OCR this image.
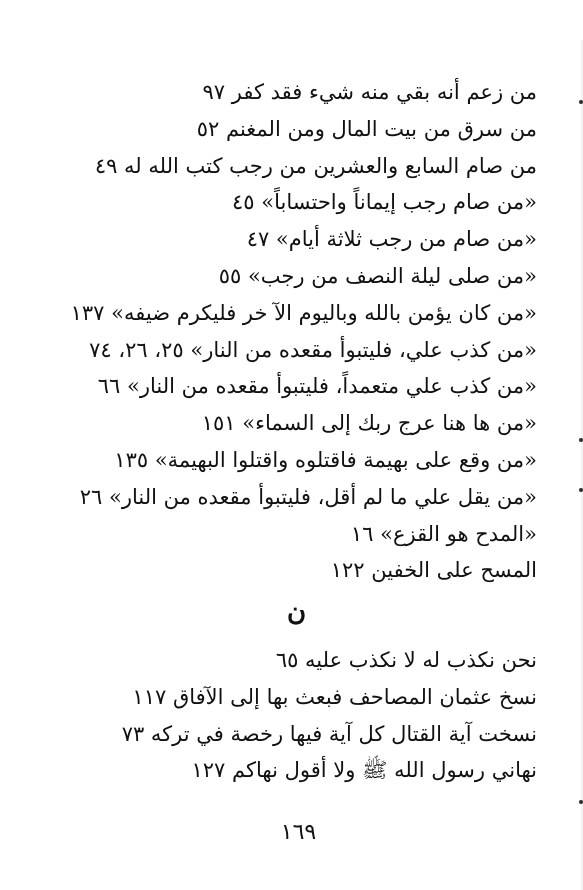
من زعم أنه بقي منه شيء فقد كفر ٩٧
من سرق من بيت المال ومن المغنم ٥٢
من صام السابع والعشرين من رجب كتب الله له ٤٩
«من صام رجب إيماناً واحتساباً» ٤٥
«من صام من رجب ثلاثة أيام» ٤٧
«من صلى ليلة النصف من رجب» ٥٥
«من كان يؤمن بالله وباليوم الآ خر فليكرم ضيفه» ١٣٧
«من كذب علي، فليتبوأ مقعده من النار» ٢٥، ٢٦، ٧٤
«من كذب علي متعمداً، فليتبوأ مقعده من النار» ٦٦
«من ها هنا عرج ربك إلى السماء» ١٥١
«من وقع على بهيمة فاقتلوه واقتلوا البهيمة» ١٣٥
«من يقل علي ما لم أقل، فليتبوأ مقعده من النار» ٢٦
«المدح هو القزع» ١٦
المسح على الخفين ١٢٢
ن
نحن نكذب له لا نكذب عليه ٦٥
نسخ عثمان المصاحف فبعث بها إلى الآفاق ١١٧
نسخت آية القتال كل آية فيها رخصة في تركه ٧٣
نهاني رسول الله ﷺ ولا أقول نهاكم ١٢٧
١٦٩
